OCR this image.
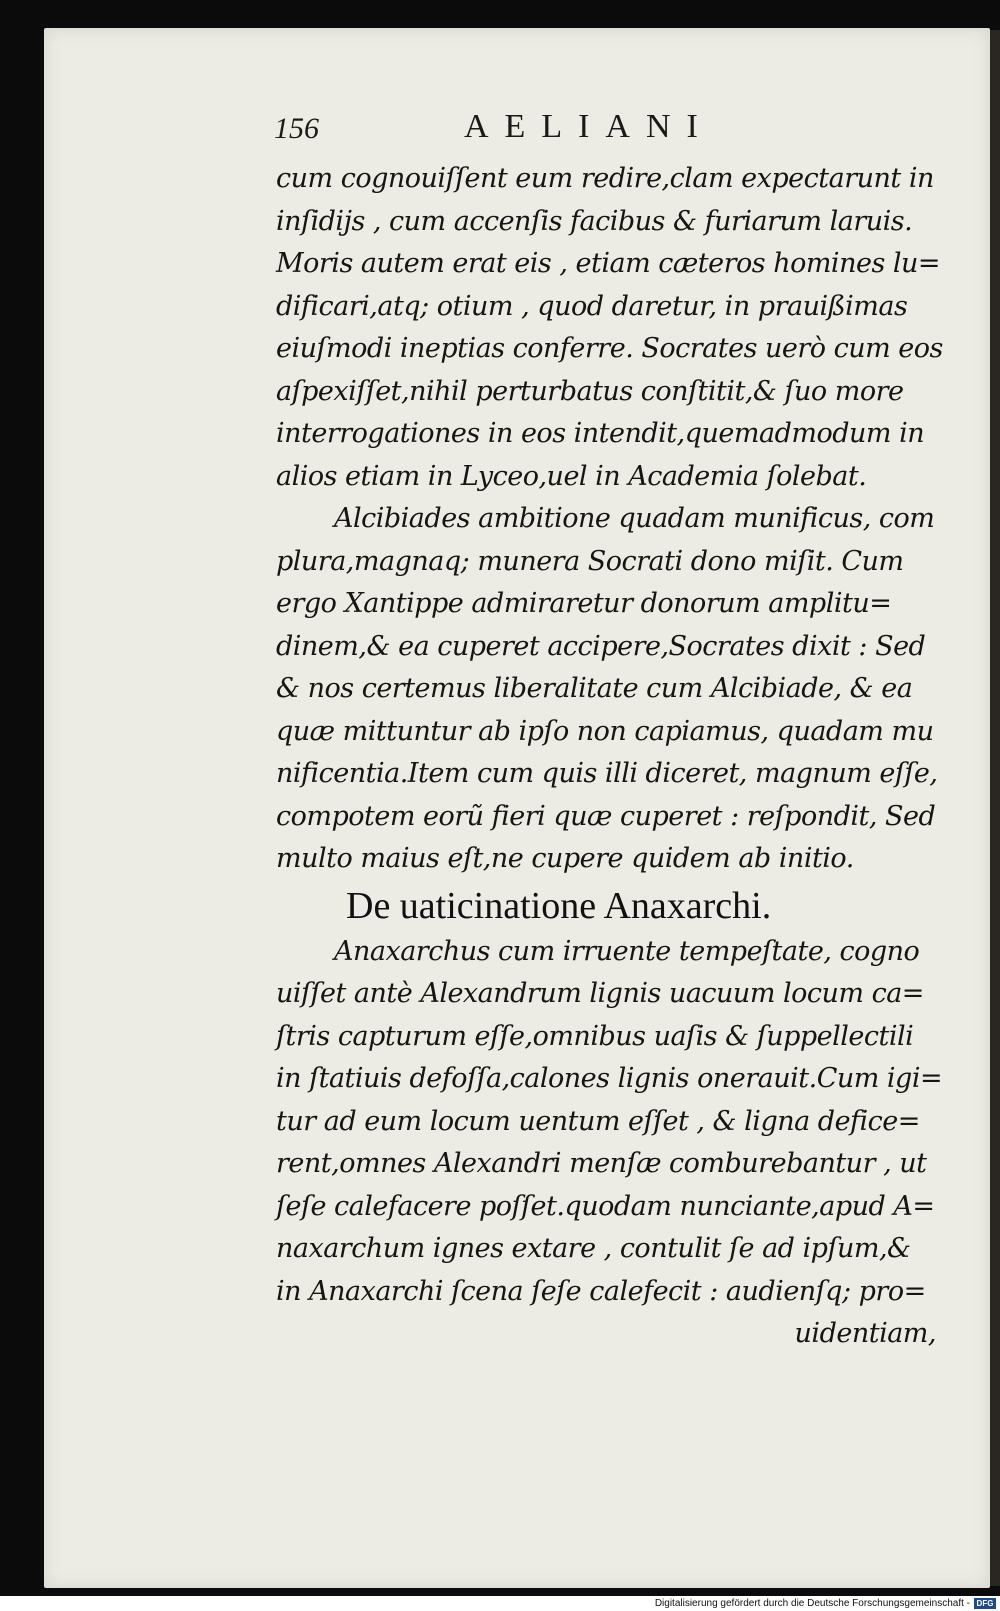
156	AELIANI
cum cognouiſſent eum redire,clam expectarunt in
inſidijs , cum accenſis facibus & furiarum laruis.
Moris autem erat eis , etiam cæteros homines lu=
dificari,atq; otium , quod daretur, in prauißimas
eiuſmodi ineptias conferre. Socrates uerò cum eos
aſpexiſſet,nihil perturbatus conſtitit,& ſuo more
interrogationes in eos intendit,quemadmodum in
alios etiam in Lyceo,uel in Academia ſolebat.
Alcibiades ambitione quadam munificus, com
plura,magnaq; munera Socrati dono miſit. Cum
ergo Xantippe admiraretur donorum amplitu=
dinem,& ea cuperet accipere,Socrates dixit : Sed
& nos certemus liberalitate cum Alcibiade, & ea
quæ mittuntur ab ipſo non capiamus, quadam mu
nificentia.Item cum quis illi diceret, magnum eſſe,
compotem eorũ fieri quæ cuperet : reſpondit, Sed
multo maius eſt,ne cupere quidem ab initio.
De uaticinatione Anaxarchi.
Anaxarchus cum irruente tempeſtate, cogno
uiſſet antè Alexandrum lignis uacuum locum ca=
ſtris capturum eſſe,omnibus uaſis & ſuppellectili
in ſtatiuis defoſſa,calones lignis onerauit.Cum igi=
tur ad eum locum uentum eſſet , & ligna defice=
rent,omnes Alexandri menſæ comburebantur , ut
ſeſe calefacere poſſet.quodam nunciante,apud A=
naxarchum ignes extare , contulit ſe ad ipſum,&
in Anaxarchi ſcena ſeſe calefecit : audienſq; pro=
uidentiam,
Digitalisierung gefördert durch die Deutsche Forschungsgemeinschaft - DFG
